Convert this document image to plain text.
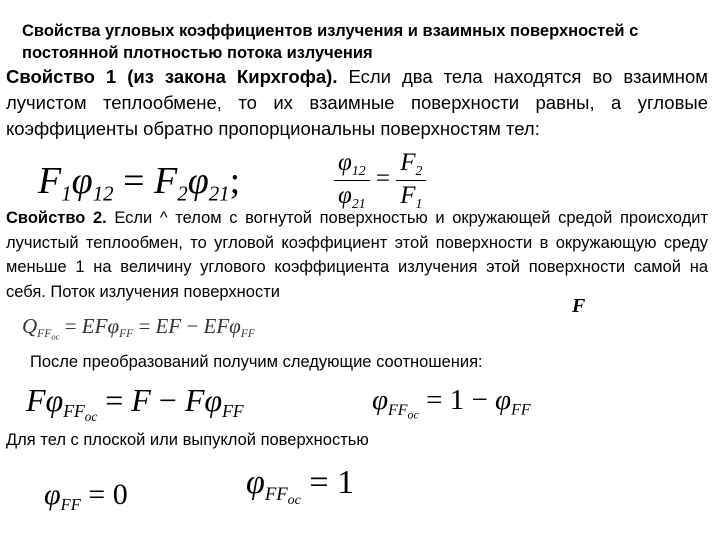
Свойства угловых коэффициентов излучения и взаимных поверхностей с постоянной плотностью потока излучения

Свойство 1 (из закона Кирхгофа). Если два тела находятся во взаимном лучистом теплообмене, то их взаимные поверхности равны, а угловые коэффициенты обратно пропорциональны поверхностям тел:

$F_1\varphi_{12} = F_2\varphi_{21}$;	$\frac{\varphi_{12}}{\varphi_{21}} = \frac{F_2}{F_1}$

Свойство 2. Если ^ телом с вогнутой поверхностью и окружающей средой происходит лучистый теплообмен, то угловой коэффициент этой поверхности в окружающую среду меньше 1 на величину углового коэффициента излучения этой поверхности самой на себя. Поток излучения поверхности

$Q_{FF_{ос}} = EF\varphi_{FF}$ = EF − EFφ$_{FF}$
F

После преобразований получим следующие соотношения:

$F\varphi_{FF_{ос}} = F - F\varphi_{FF}$	$\varphi_{FF_{ос}} = 1 - \varphi_{FF}$

Для тел с плоской или выпуклой поверхностью

$\varphi_{FF} = 0$	$\varphi_{FF_{ос}} = 1$
